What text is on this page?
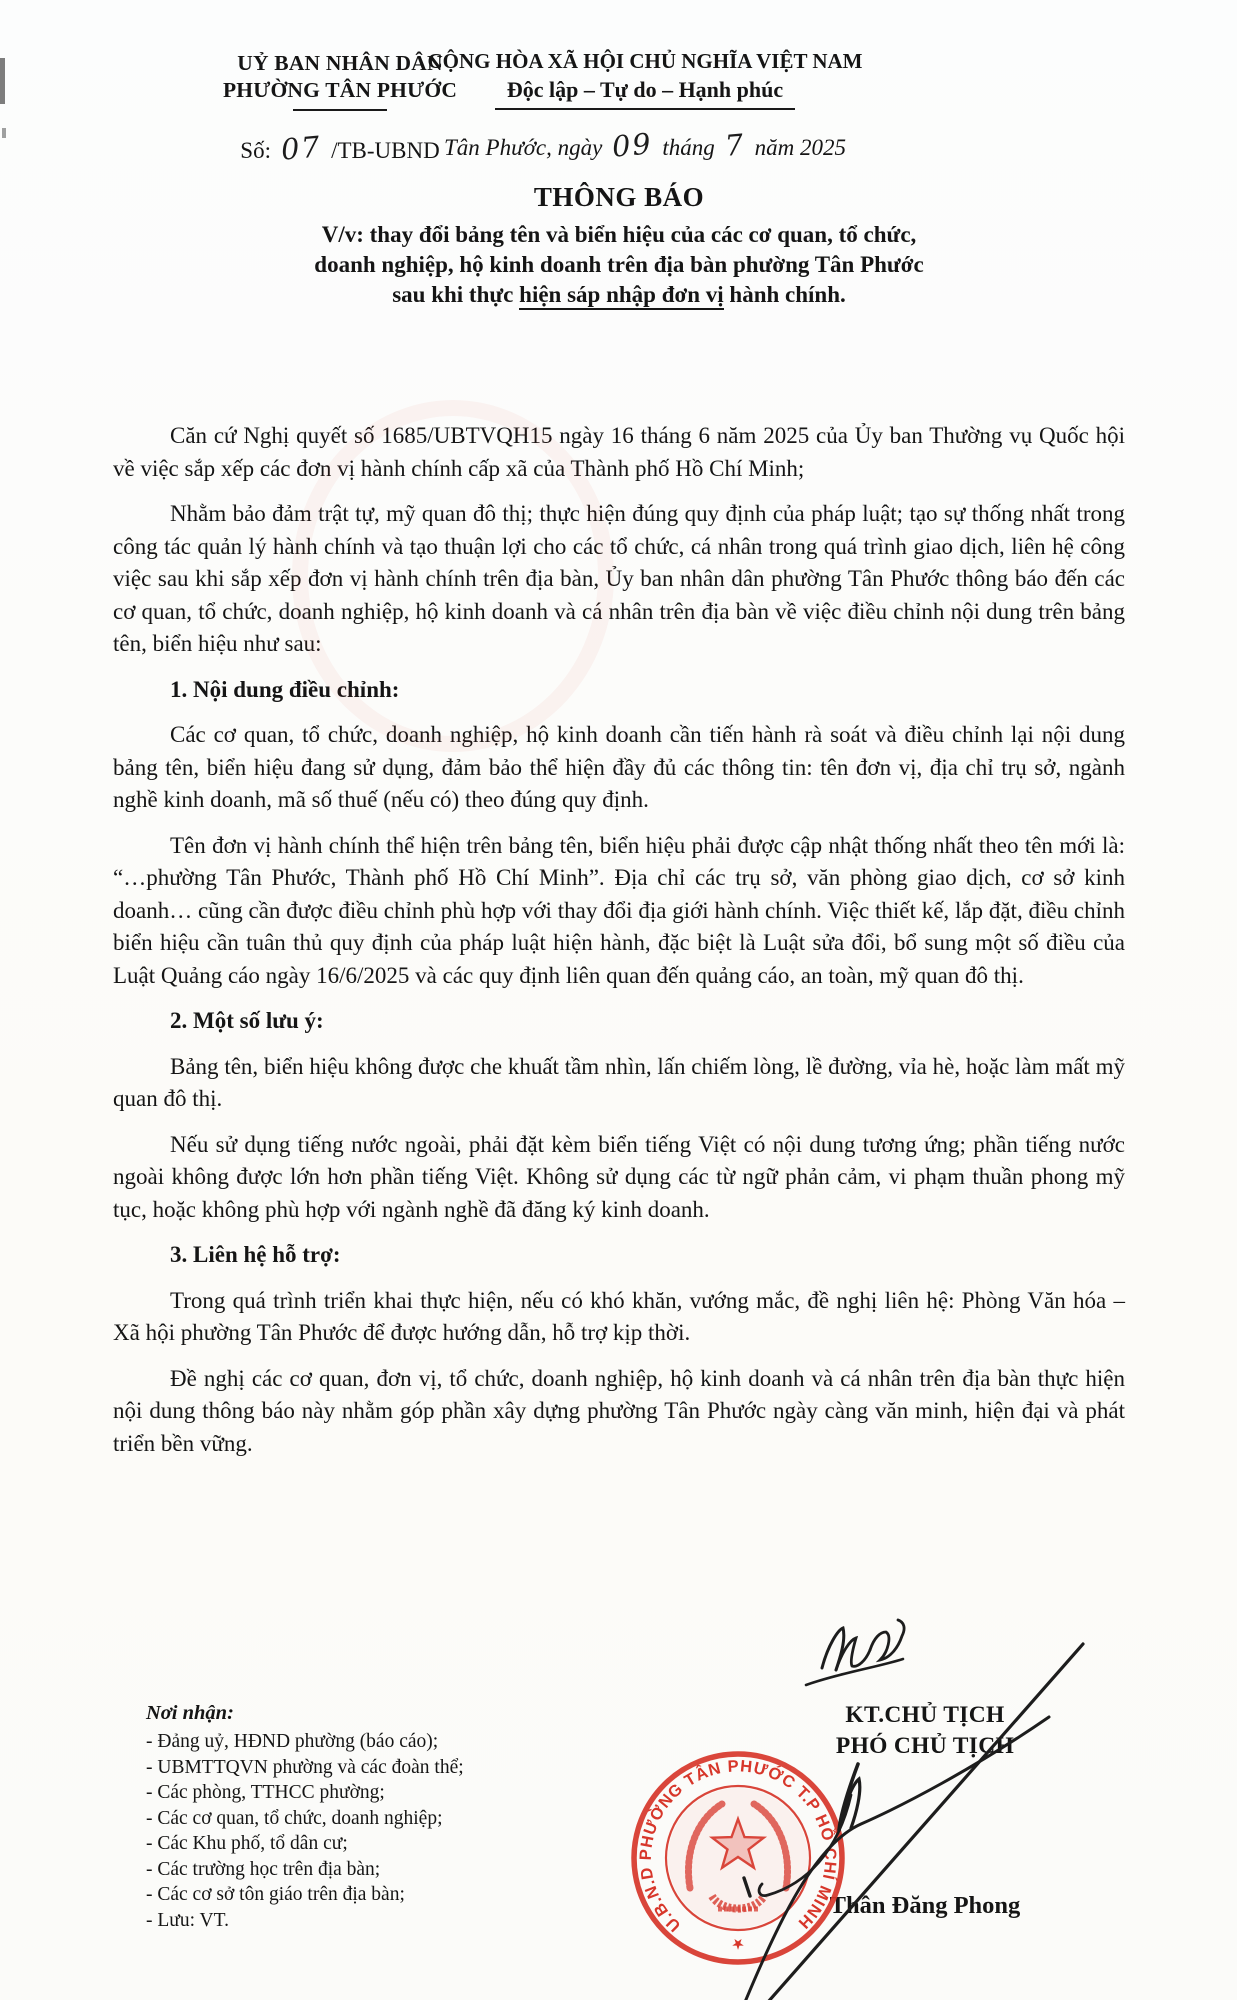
UỶ BAN NHÂN DÂN
PHƯỜNG TÂN PHƯỚC
Số: 07 /TB-UBND
CỘNG HÒA XÃ HỘI CHỦ NGHĨA VIỆT NAM
Độc lập – Tự do – Hạnh phúc
Tân Phước, ngày 09 tháng 7 năm 2025
THÔNG BÁO
V/v: thay đổi bảng tên và biển hiệu của các cơ quan, tổ chức,
doanh nghiệp, hộ kinh doanh trên địa bàn phường Tân Phước
sau khi thực hiện sáp nhập đơn vị hành chính.
Căn cứ Nghị quyết số 1685/UBTVQH15 ngày 16 tháng 6 năm 2025 của Ủy ban Thường vụ Quốc hội về việc sắp xếp các đơn vị hành chính cấp xã của Thành phố Hồ Chí Minh;
Nhằm bảo đảm trật tự, mỹ quan đô thị; thực hiện đúng quy định của pháp luật; tạo sự thống nhất trong công tác quản lý hành chính và tạo thuận lợi cho các tổ chức, cá nhân trong quá trình giao dịch, liên hệ công việc sau khi sắp xếp đơn vị hành chính trên địa bàn, Ủy ban nhân dân phường Tân Phước thông báo đến các cơ quan, tổ chức, doanh nghiệp, hộ kinh doanh và cá nhân trên địa bàn về việc điều chỉnh nội dung trên bảng tên, biển hiệu như sau:
1. Nội dung điều chỉnh:
Các cơ quan, tổ chức, doanh nghiệp, hộ kinh doanh cần tiến hành rà soát và điều chỉnh lại nội dung bảng tên, biển hiệu đang sử dụng, đảm bảo thể hiện đầy đủ các thông tin: tên đơn vị, địa chỉ trụ sở, ngành nghề kinh doanh, mã số thuế (nếu có) theo đúng quy định.
Tên đơn vị hành chính thể hiện trên bảng tên, biển hiệu phải được cập nhật thống nhất theo tên mới là: “…phường Tân Phước, Thành phố Hồ Chí Minh”. Địa chỉ các trụ sở, văn phòng giao dịch, cơ sở kinh doanh… cũng cần được điều chỉnh phù hợp với thay đổi địa giới hành chính. Việc thiết kế, lắp đặt, điều chỉnh biển hiệu cần tuân thủ quy định của pháp luật hiện hành, đặc biệt là Luật sửa đổi, bổ sung một số điều của Luật Quảng cáo ngày 16/6/2025 và các quy định liên quan đến quảng cáo, an toàn, mỹ quan đô thị.
2. Một số lưu ý:
Bảng tên, biển hiệu không được che khuất tầm nhìn, lấn chiếm lòng, lề đường, vỉa hè, hoặc làm mất mỹ quan đô thị.
Nếu sử dụng tiếng nước ngoài, phải đặt kèm biển tiếng Việt có nội dung tương ứng; phần tiếng nước ngoài không được lớn hơn phần tiếng Việt. Không sử dụng các từ ngữ phản cảm, vi phạm thuần phong mỹ tục, hoặc không phù hợp với ngành nghề đã đăng ký kinh doanh.
3. Liên hệ hỗ trợ:
Trong quá trình triển khai thực hiện, nếu có khó khăn, vướng mắc, đề nghị liên hệ: Phòng Văn hóa – Xã hội phường Tân Phước để được hướng dẫn, hỗ trợ kịp thời.
Đề nghị các cơ quan, đơn vị, tổ chức, doanh nghiệp, hộ kinh doanh và cá nhân trên địa bàn thực hiện nội dung thông báo này nhằm góp phần xây dựng phường Tân Phước ngày càng văn minh, hiện đại và phát triển bền vững.
Nơi nhận:
- Đảng uỷ, HĐND phường (báo cáo);
- UBMTTQVN phường và các đoàn thể;
- Các phòng, TTHCC phường;
- Các cơ quan, tổ chức, doanh nghiệp;
- Các Khu phố, tổ dân cư;
- Các trường học trên địa bàn;
- Các cơ sở tôn giáo trên địa bàn;
- Lưu: VT.
KT.CHỦ TỊCH
PHÓ CHỦ TỊCH
Thân Đăng Phong
U.B.N.D PHƯỜNG TÂN PHƯỚC T.P HỒ CHÍ MINH
★
